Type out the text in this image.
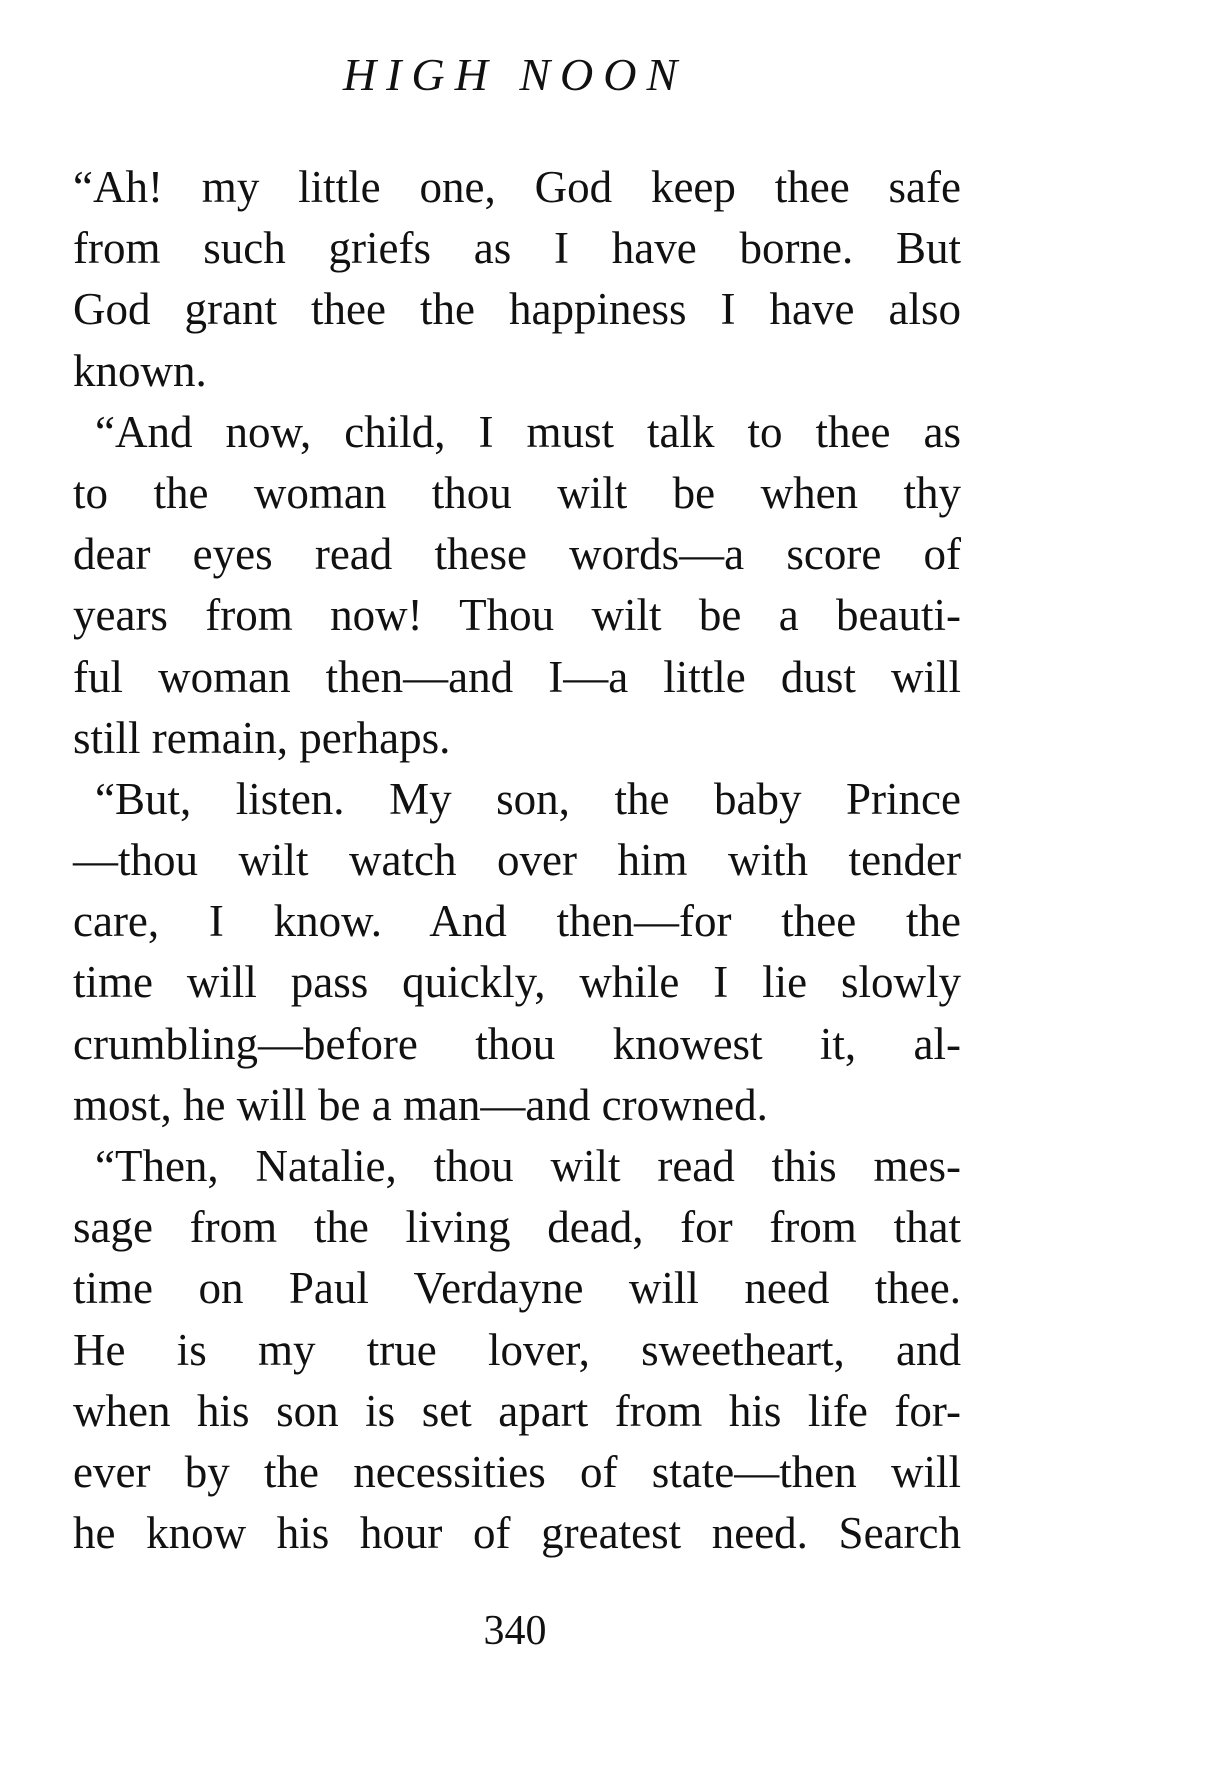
HIGH NOON
“Ah! my little one, God keep thee safe
from such griefs as I have borne. But
God grant thee the happiness I have also
known.
“And now, child, I must talk to thee as
to the woman thou wilt be when thy
dear eyes read these words—a score of
years from now! Thou wilt be a beauti-
ful woman then—and I—a little dust will
still remain, perhaps.
“But, listen. My son, the baby Prince
—thou wilt watch over him with tender
care, I know. And then—for thee the
time will pass quickly, while I lie slowly
crumbling—before thou knowest it, al-
most, he will be a man—and crowned.
“Then, Natalie, thou wilt read this mes-
sage from the living dead, for from that
time on Paul Verdayne will need thee.
He is my true lover, sweetheart, and
when his son is set apart from his life for-
ever by the necessities of state—then will
he know his hour of greatest need. Search
340
